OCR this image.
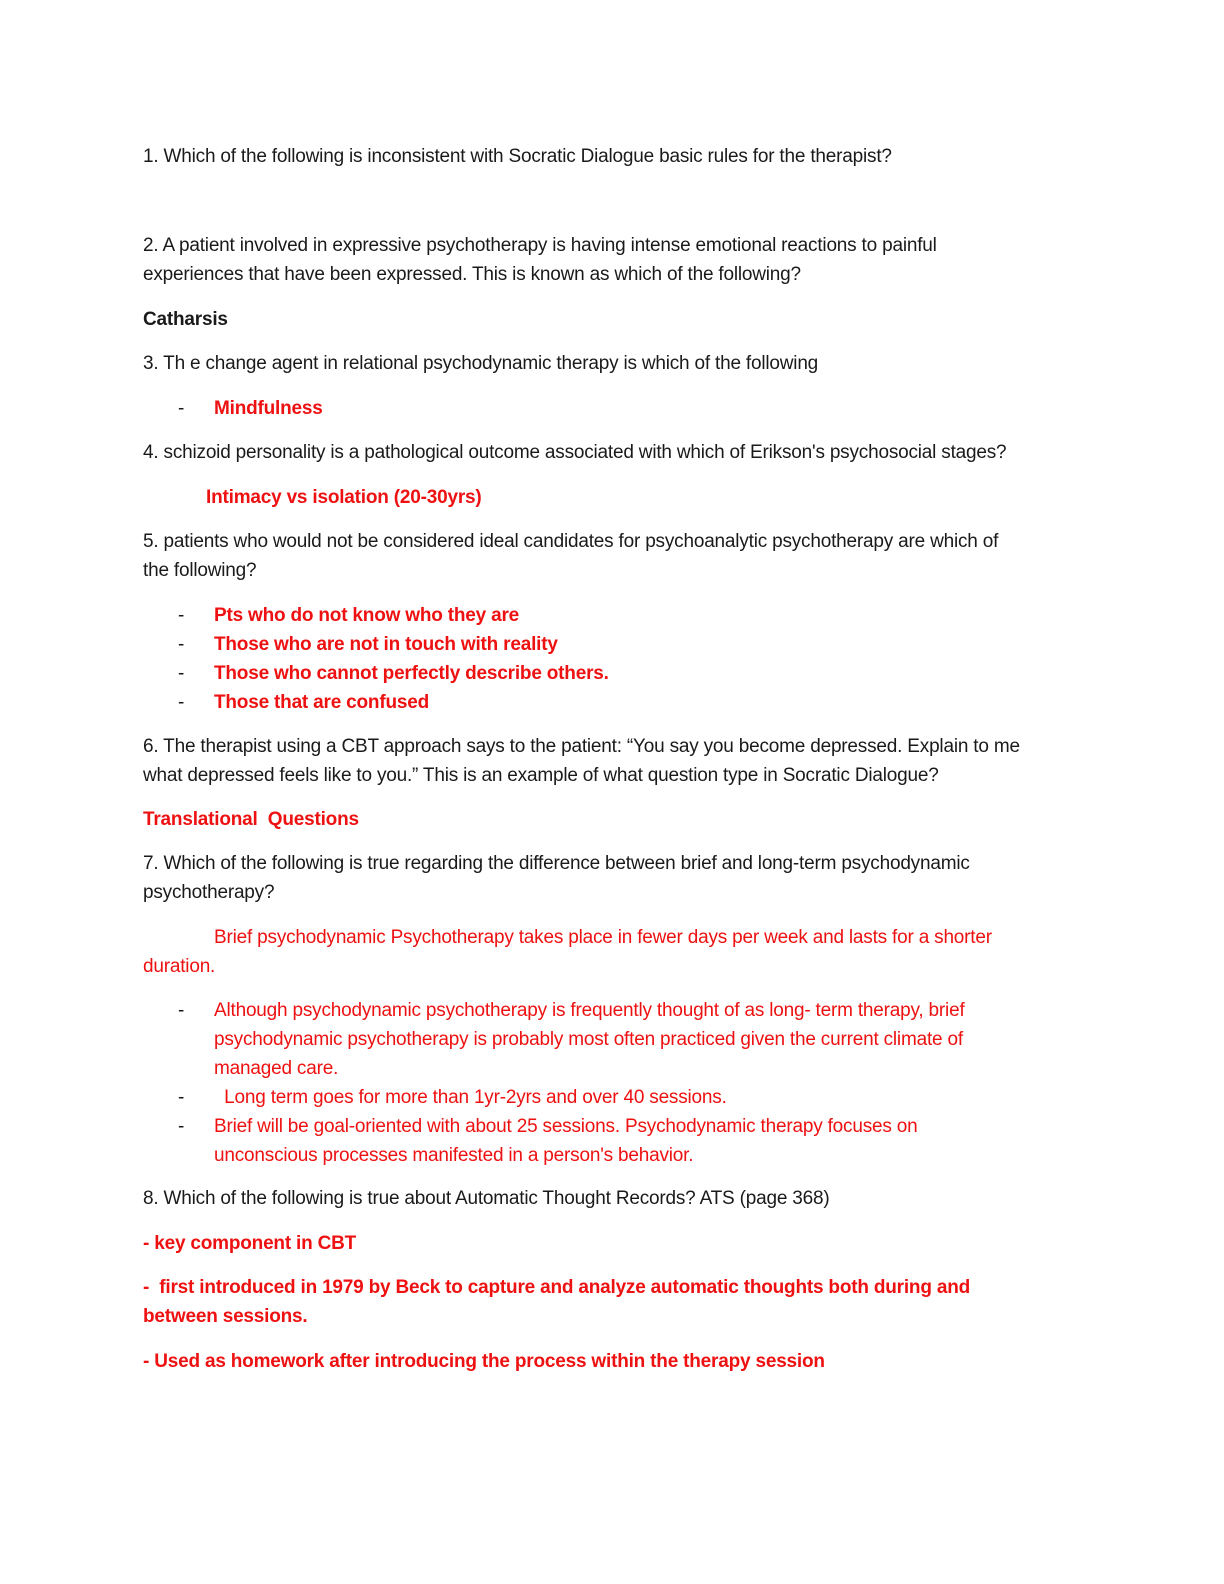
1. Which of the following is inconsistent with Socratic Dialogue basic rules for the therapist?
2. A patient involved in expressive psychotherapy is having intense emotional reactions to painful
experiences that have been expressed. This is known as which of the following?
Catharsis
3. Th e change agent in relational psychodynamic therapy is which of the following
- Mindfulness
4. schizoid personality is a pathological outcome associated with which of Erikson's psychosocial stages?
Intimacy vs isolation (20-30yrs)
5. patients who would not be considered ideal candidates for psychoanalytic psychotherapy are which of
the following?
- Pts who do not know who they are
- Those who are not in touch with reality
- Those who cannot perfectly describe others.
- Those that are confused
6. The therapist using a CBT approach says to the patient: “You say you become depressed. Explain to me
what depressed feels like to you.” This is an example of what question type in Socratic Dialogue?
Translational  Questions
7. Which of the following is true regarding the difference between brief and long-term psychodynamic
psychotherapy?
Brief psychodynamic Psychotherapy takes place in fewer days per week and lasts for a shorter
duration.
- Although psychodynamic psychotherapy is frequently thought of as long- term therapy, brief
psychodynamic psychotherapy is probably most often practiced given the current climate of
managed care.
- Long term goes for more than 1yr-2yrs and over 40 sessions.
- Brief will be goal-oriented with about 25 sessions. Psychodynamic therapy focuses on
unconscious processes manifested in a person's behavior.
8. Which of the following is true about Automatic Thought Records? ATS (page 368)
- key component in CBT
-  first introduced in 1979 by Beck to capture and analyze automatic thoughts both during and
between sessions.
- Used as homework after introducing the process within the therapy session
